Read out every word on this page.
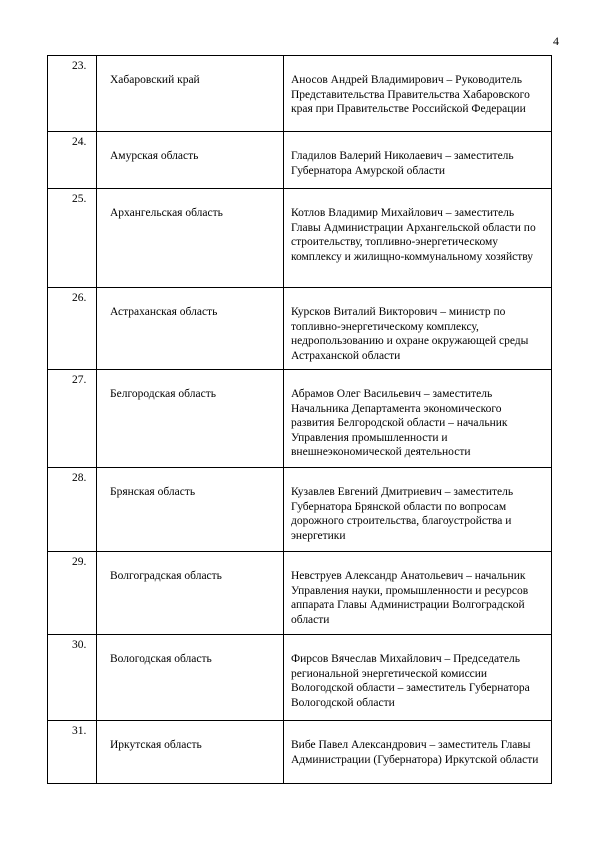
4
23.	Хабаровский край	Аносов Андрей Владимирович – Руководитель Представительства Правительства Хабаровского края при Правительстве Российской Федерации

24.	Амурская область	Гладилов Валерий Николаевич – заместитель Губернатора Амурской области

25.	Архангельская область	Котлов Владимир Михайлович – заместитель Главы Администрации Архангельской области по строительству, топливно-энергетическому комплексу и жилищно-коммунальному хозяйству

26.	Астраханская область	Курсков Виталий Викторович – министр по топливно-энергетическому комплексу, недропользованию и охране окружающей среды Астраханской области

27.	Белгородская область	Абрамов Олег Васильевич – заместитель Начальника Департамента экономического развития Белгородской области – начальник Управления промышленности и внешнеэкономической деятельности

28.	Брянская область	Кузавлев Евгений Дмитриевич – заместитель Губернатора Брянской области по вопросам дорожного строительства, благоустройства и энергетики

29.	Волгоградская область	Невструев Александр Анатольевич – начальник Управления науки, промышленности и ресурсов аппарата Главы Администрации Волгоградской области

30.	Вологодская область	Фирсов Вячеслав Михайлович – Председатель региональной энергетической комиссии Вологодской области – заместитель Губернатора Вологодской области

31.	Иркутская область	Вибе Павел Александрович – заместитель Главы Администрации (Губернатора) Иркутской области
